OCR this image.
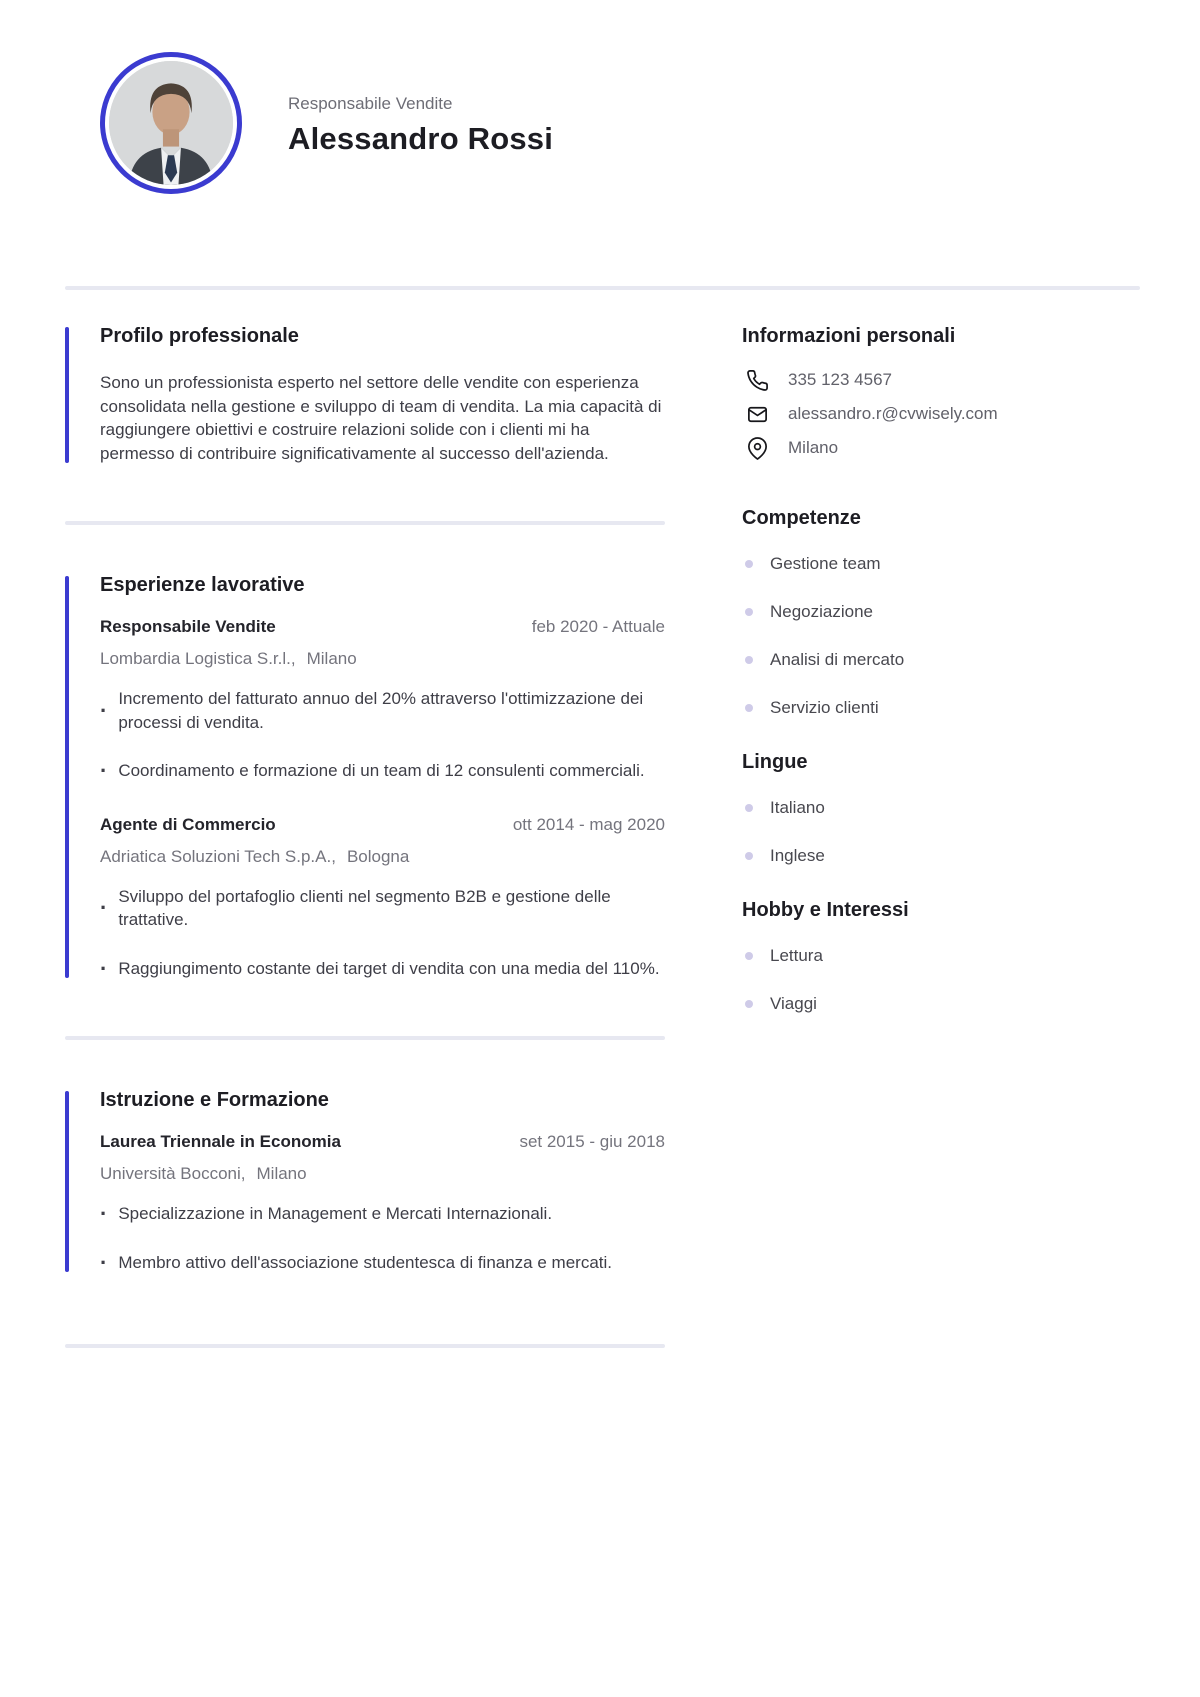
Responsabile Vendite
Alessandro Rossi
Profilo professionale
Sono un professionista esperto nel settore delle vendite con esperienza consolidata nella gestione e sviluppo di team di vendita. La mia capacità di raggiungere obiettivi e costruire relazioni solide con i clienti mi ha permesso di contribuire significativamente al successo dell'azienda.
Esperienze lavorative
Responsabile Vendite	feb 2020 - Attuale
Lombardia Logistica S.r.l., Milano
· Incremento del fatturato annuo del 20% attraverso l'ottimizzazione dei processi di vendita.
· Coordinamento e formazione di un team di 12 consulenti commerciali.
Agente di Commercio	ott 2014 - mag 2020
Adriatica Soluzioni Tech S.p.A., Bologna
· Sviluppo del portafoglio clienti nel segmento B2B e gestione delle trattative.
· Raggiungimento costante dei target di vendita con una media del 110%.
Istruzione e Formazione
Laurea Triennale in Economia	set 2015 - giu 2018
Università Bocconi, Milano
· Specializzazione in Management e Mercati Internazionali.
· Membro attivo dell'associazione studentesca di finanza e mercati.
Informazioni personali
335 123 4567
alessandro.r@cvwisely.com
Milano
Competenze
Gestione team
Negoziazione
Analisi di mercato
Servizio clienti
Lingue
Italiano
Inglese
Hobby e Interessi
Lettura
Viaggi
